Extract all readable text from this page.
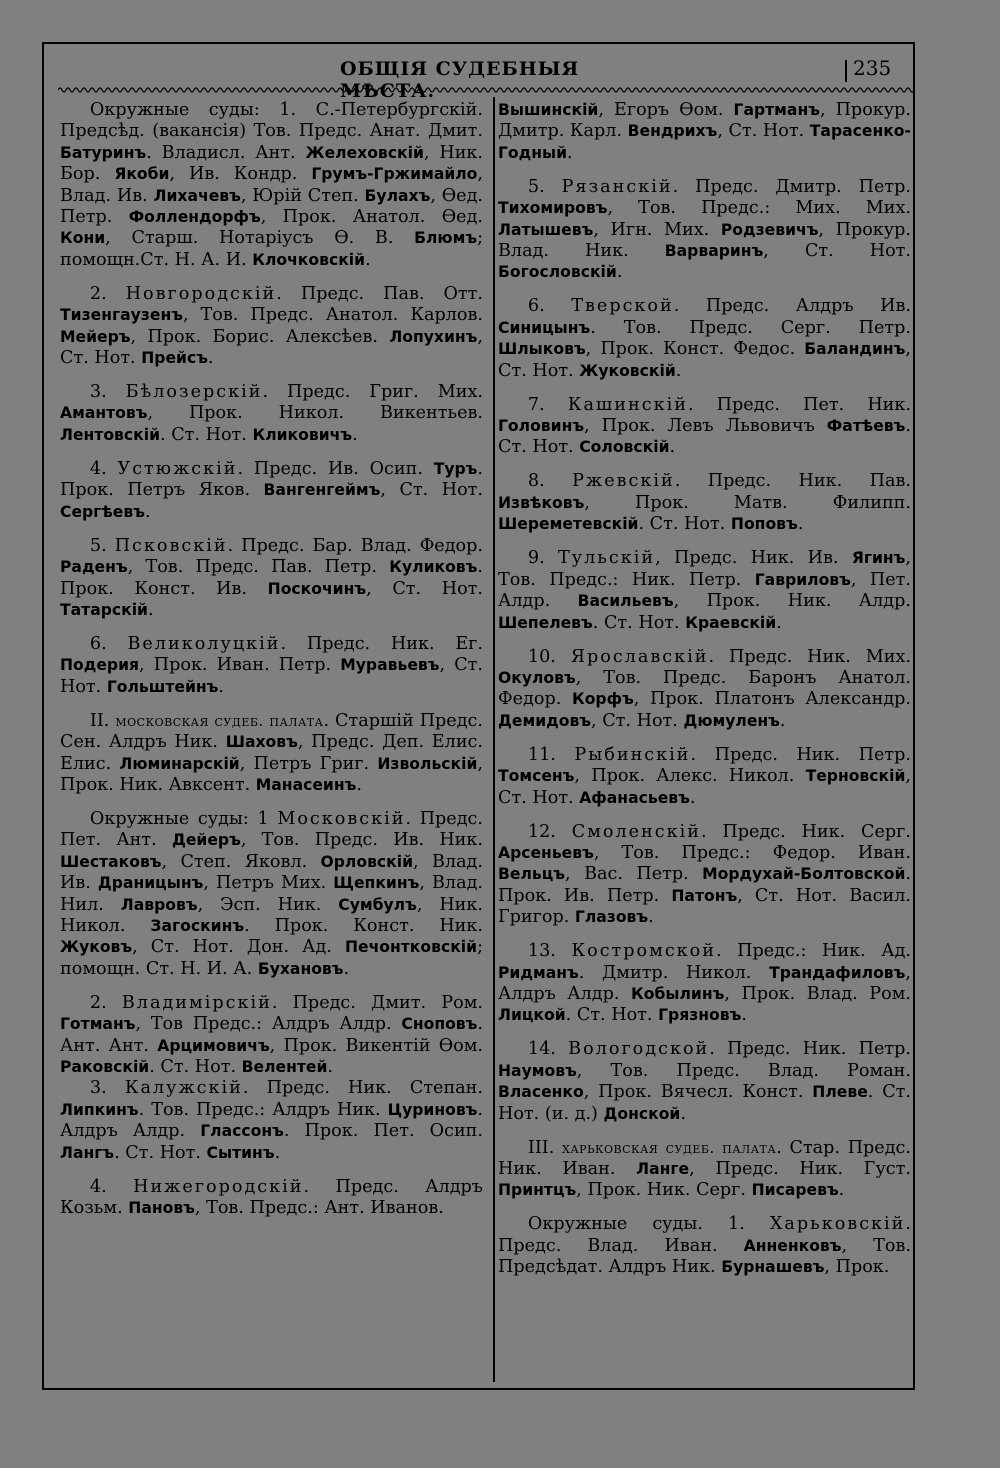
ОБЩІЯ СУДЕБНЫЯ МѢСТА.
235

Окружные суды: 1. С.-Петербургскій. Предсѣд. (вакансія) Тов. Предс. Анат. Дмит. Батуринъ. Владисл. Ант. Желеховскій, Ник. Бор. Якоби, Ив. Кондр. Грумъ-Гржимайло, Влад. Ив. Лихачевъ, Юрій Степ. Булахъ, Ѳед. Петр. Фоллендорфъ, Прок. Анатол. Ѳед. Кони, Старш. Нотаріусъ Ѳ. В. Блюмъ; помощн.Ст. Н. А. И. Клочковскій.

2. Новгородскій. Предс. Пав. Отт. Тизенгаузенъ, Тов. Предс. Анатол. Карлов. Мейеръ, Прок. Борис. Алексѣев. Лопухинъ, Ст. Нот. Прейсъ.

3. Бѣлозерскій. Предс. Григ. Мих. Амантовъ, Прок. Никол. Викентьев. Лентовскій. Ст. Нот. Кликовичъ.

4. Устюжскій. Предс. Ив. Осип. Туръ. Прок. Петръ Яков. Вангенгеймъ, Ст. Нот. Сергѣевъ.

5. Псковскій. Предс. Бар. Влад. Федор. Раденъ, Тов. Предс. Пав. Петр. Куликовъ. Прок. Конст. Ив. Поскочинъ, Ст. Нот. Татарскій.

6. Великолуцкій. Предс. Ник. Ег. Подерия, Прок. Иван. Петр. Муравьевъ, Ст. Нот. Гольштейнъ.

II. московская судеб. палата. Старшій Предс. Сен. Алдръ Ник. Шаховъ, Предс. Деп. Елис. Елис. Люминарскій, Петръ Григ. Извольскій, Прок. Ник. Авксент. Манасеинъ.

Окружные суды: 1 Московскій. Предс. Пет. Ант. Дейеръ, Тов. Предс. Ив. Ник. Шестаковъ, Степ. Яковл. Орловскій, Влад. Ив. Драницынъ, Петръ Мих. Щепкинъ, Влад. Нил. Лавровъ, Эсп. Ник. Сумбулъ, Ник. Никол. Загоскинъ. Прок. Конст. Ник. Жуковъ, Ст. Нот. Дон. Ад. Печонтковскій; помощн. Ст. Н. И. А. Бухановъ.

2. Владимірскій. Предс. Дмит. Ром. Готманъ, Тов Предс.: Алдръ Алдр. Сноповъ. Ант. Ант. Арцимовичъ, Прок. Викентій Ѳом. Раковскій. Ст. Нот. Велентей.

3. Калужскій. Предс. Ник. Степан. Липкинъ. Тов. Предс.: Алдръ Ник. Цуриновъ. Алдръ Алдр. Глассонъ. Прок. Пет. Осип. Лангъ. Ст. Нот. Сытинъ.

4. Нижегородскій. Предс. Алдръ Козьм. Пановъ, Тов. Предс.: Ант. Иванов.

Вышинскій, Егоръ Ѳом. Гартманъ, Прокур. Дмитр. Карл. Вендрихъ, Ст. Нот. Тарасенко-Годный.

5. Рязанскій. Предс. Дмитр. Петр. Тихомировъ, Тов. Предс.: Мих. Мих. Латышевъ, Игн. Мих. Родзевичъ, Прокур. Влад. Ник. Варваринъ, Ст. Нот. Богословскій.

6. Тверской. Предс. Алдръ Ив. Синицынъ. Тов. Предс. Серг. Петр. Шлыковъ, Прок. Конст. Федос. Баландинъ, Ст. Нот. Жуковскій.

7. Кашинскій. Предс. Пет. Ник. Головинъ, Прок. Левъ Львовичъ Фатѣевъ. Ст. Нот. Соловскій.

8. Ржевскій. Предс. Ник. Пав. Извѣковъ, Прок. Матв. Филипп. Шереметевскій. Ст. Нот. Поповъ.

9. Тульскій, Предс. Ник. Ив. Ягинъ, Тов. Предс.: Ник. Петр. Гавриловъ, Пет. Алдр. Васильевъ, Прок. Ник. Алдр. Шепелевъ. Ст. Нот. Краевскій.

10. Ярославскій. Предс. Ник. Мих. Окуловъ, Тов. Предс. Баронъ Анатол. Федор. Корфъ, Прок. Платонъ Александр. Демидовъ, Ст. Нот. Дюмуленъ.

11. Рыбинскій. Предс. Ник. Петр. Томсенъ, Прок. Алекс. Никол. Терновскій, Ст. Нот. Афанасьевъ.

12. Смоленскій. Предс. Ник. Серг. Арсеньевъ, Тов. Предс.: Федор. Иван. Вельцъ, Вас. Петр. Мордухай-Болтовской. Прок. Ив. Петр. Патонъ, Ст. Нот. Васил. Григор. Глазовъ.

13. Костромской. Предс.: Ник. Ад. Ридманъ. Дмитр. Никол. Трандафиловъ, Алдръ Алдр. Кобылинъ, Прок. Влад. Ром. Лицкой. Ст. Нот. Грязновъ.

14. Вологодской. Предс. Ник. Петр. Наумовъ, Тов. Предс. Влад. Роман. Власенко, Прок. Вячесл. Конст. Плеве. Ст. Нот. (и. д.) Донской.

III. харьковская судеб. палата. Стар. Предс. Ник. Иван. Ланге, Предс. Ник. Густ. Принтцъ, Прок. Ник. Серг. Писаревъ.

Окружные суды. 1. Харьковскій. Предс. Влад. Иван. Анненковъ, Тов. Предсѣдат. Алдръ Ник. Бурнашевъ, Прок.
